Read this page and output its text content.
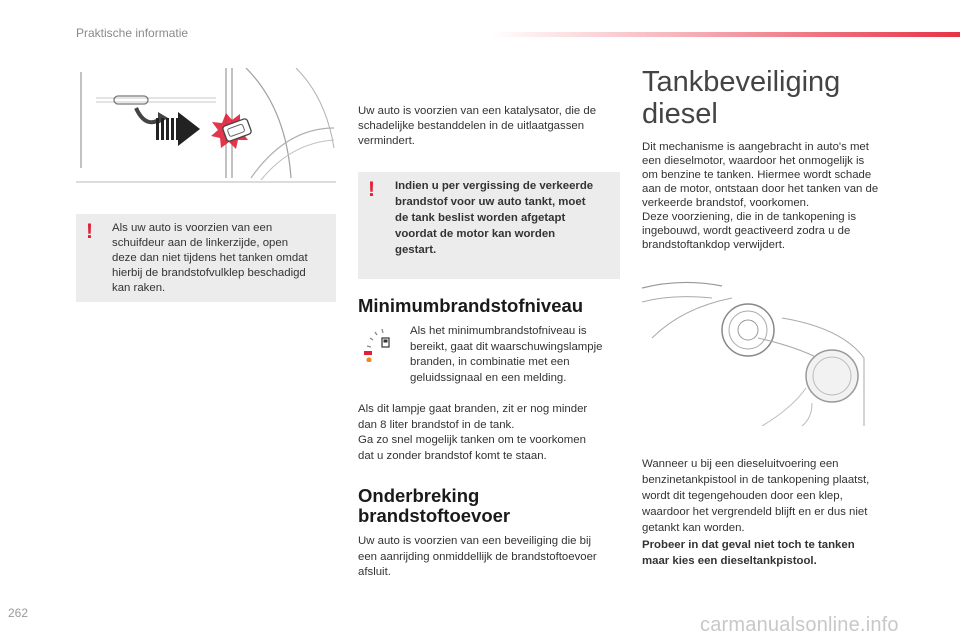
Praktische informatie
! Als uw auto is voorzien van een
schuifdeur aan de linkerzijde, open
deze dan niet tijdens het tanken omdat
hierbij de brandstofvulklep beschadigd
kan raken.

Uw auto is voorzien van een katalysator, die de
schadelijke bestanddelen in de uitlaatgassen
vermindert.

! Indien u per vergissing de verkeerde
brandstof voor uw auto tankt, moet
de tank beslist worden afgetapt
voordat de motor kan worden
gestart.
Minimumbrandstofniveau

Als het minimumbrandstofniveau is
bereikt, gaat dit waarschuwingslampje
branden, in combinatie met een
geluidssignaal en een melding.

Als dit lampje gaat branden, zit er nog minder
dan 8 liter brandstof in de tank.
Ga zo snel mogelijk tanken om te voorkomen
dat u zonder brandstof komt te staan.

Onderbreking
brandstoftoevoer

Uw auto is voorzien van een beveiliging die bij
een aanrijding onmiddellijk de brandstoftoevoer
afsluit.

Tankbeveiliging
diesel

Dit mechanisme is aangebracht in auto's met
een dieselmotor, waardoor het onmogelijk is
om benzine te tanken. Hiermee wordt schade
aan de motor, ontstaan door het tanken van de
verkeerde brandstof, voorkomen.
Deze voorziening, die in de tankopening is
ingebouwd, wordt geactiveerd zodra u de
brandstoftankdop verwijdert.

Wanneer u bij een dieseluitvoering een
benzinetankpistool in de tankopening plaatst,
wordt dit tegengehouden door een klep,
waardoor het vergrendeld blijft en er dus niet
getankt kan worden.

Probeer in dat geval niet toch te tanken
maar kies een dieseltankpistool.

262
carmanualsonline.info
